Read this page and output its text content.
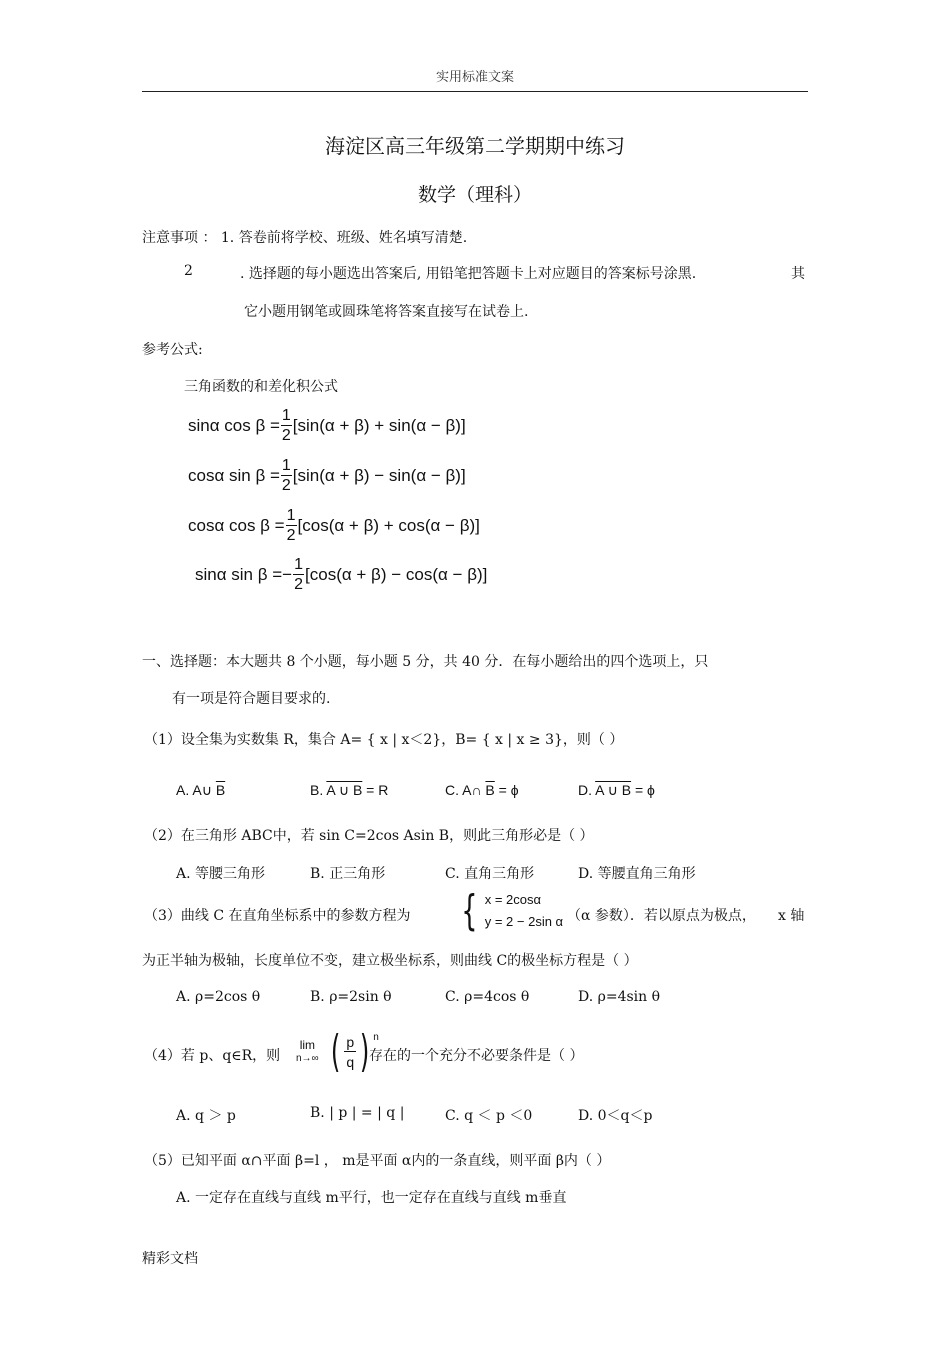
实用标准文案
海淀区高三年级第二学期期中练习
数学（理科）
注意事项 ： 1. 答卷前将学校、班级、姓名填写清楚.
2	. 选择题的每小题选出答案后, 用铅笔把答题卡上对应题目的答案标号涂黑.	其
它小题用钢笔或圆珠笔将答案直接写在试卷上.
参考公式:
三角函数的和差化积公式
sinα $\cos \beta = \frac{1}{2} [\sin(\alpha + \beta) + \sin(\alpha - \beta)]$
cosα $\sin \beta = \frac{1}{2} [\sin(\alpha + \beta) - \sin(\alpha - \beta)]$
cosα $\cos \beta = \frac{1}{2} [\cos(\alpha + \beta) + \cos(\alpha - \beta)]$
sinα sin β = − $\frac{1}{2} [\cos(\alpha + \beta) - \cos(\alpha - \beta)]$
一、选择题：本大题共 8 个小题，每小题 5 分，共 40 分．在每小题给出的四个选项上，只
有一项是符合题目要求的.
（1）设全集为实数集 R，集合 A= { x | x＜2}，B= { x | x ≥ 3}，则（ ）
A. A∪ $\overline{B}$	B. A ∪ B = R	C. A∩ $\overline{B} = \phi$	D. A ∪ B = ϕ
（2）在三角形 ABC中，若 sin C=2cos Asin B，则此三角形必是（ ）
A. 等腰三角形	B. 正三角形	C. 直角三角形	D. 等腰直角三角形
（3）曲线 C 在直角坐标系中的参数方程为 { x = 2cosα
y = 2 − 2sin α （α 参数）．若以原点为极点， x 轴
为正半轴为极轴，长度单位不变，建立极坐标系，则曲线 C的极坐标方程是（ ）
A. ρ=2cos θ	B. ρ=2sin θ	C. ρ=4cos θ	D. ρ=4sin θ
（4）若 p、q∈R，则
lim
n→∞
( $\frac{p}{q}$ ) n
存在的一个充分不必要条件是（ ）
A. q ＞ p	B. | p | = | q |	C. q ＜ p ＜0	D. 0＜q＜p
（5）已知平面 α∩平面 β=l ， m是平面 α内的一条直线，则平面 β内（ ）
A. 一定存在直线与直线 m平行，也一定存在直线与直线 m垂直
精彩文档
